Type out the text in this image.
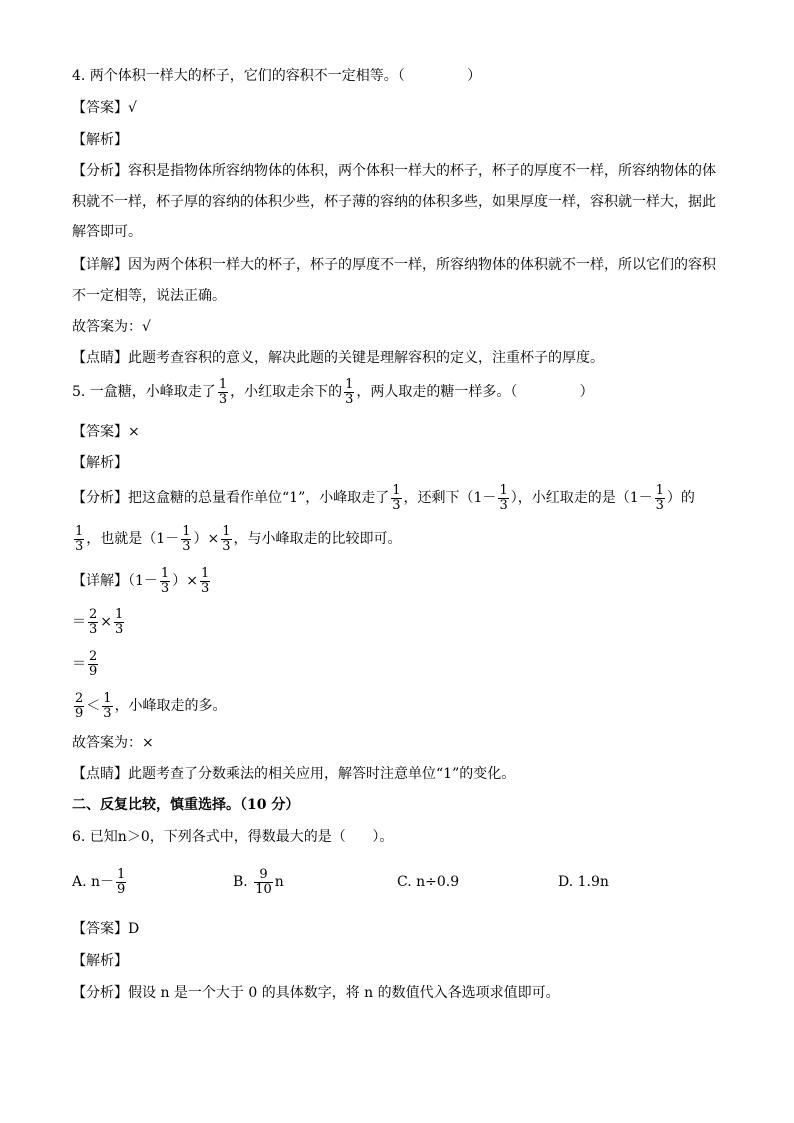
4. 两个体积一样大的杯子，它们的容积不一定相等。（              ）
【答案】√
【解析】
【分析】容积是指物体所容纳物体的体积，两个体积一样大的杯子，杯子的厚度不一样，所容纳物体的体
积就不一样，杯子厚的容纳的体积少些，杯子薄的容纳的体积多些，如果厚度一样，容积就一样大，据此
解答即可。
【详解】因为两个体积一样大的杯子，杯子的厚度不一样，所容纳物体的体积就不一样，所以它们的容积
不一定相等，说法正确。
故答案为：√
【点睛】此题考查容积的意义，解决此题的关键是理解容积的定义，注重杯子的厚度。
5. 一盒糖，小峰取走了 $\frac{1}{3}$ ，小红取走余下的 $\frac{1}{3}$ ，两人取走的糖一样多。（              ）
【答案】×
【解析】
【分析】把这盒糖的总量看作单位“1”，小峰取走了 $\frac{1}{3}$ ，还剩下（$1- \frac{1}{3}$ ），小红取走的是（$1- \frac{1}{3}$ ）的
$\frac{1}{3}$ ，也就是（$1- \frac{1}{3}$ ）× $\frac{1}{3}$ ，与小峰取走的比较即可。
【详解】（$1- \frac{1}{3}$ ）× $\frac{1}{3}$
＝ $\frac{2}{3} \times \frac{1}{3}$
＝ $\frac{2}{9}$
$\frac{2}{9} < \frac{1}{3}$ ，小峰取走的多。
故答案为：×
【点睛】此题考查了分数乘法的相关应用，解答时注意单位“1”的变化。
二、反复比较，慎重选择。（10 分）
6. 已知n＞0，下列各式中，得数最大的是（      ）。
A. $n- \frac{1}{9}$	B. $\frac{9}{10}$ n	C. n÷0.9	D. 1.9n
【答案】D
【解析】
【分析】假设 n 是一个大于 0 的具体数字，将 n 的数值代入各选项求值即可。
